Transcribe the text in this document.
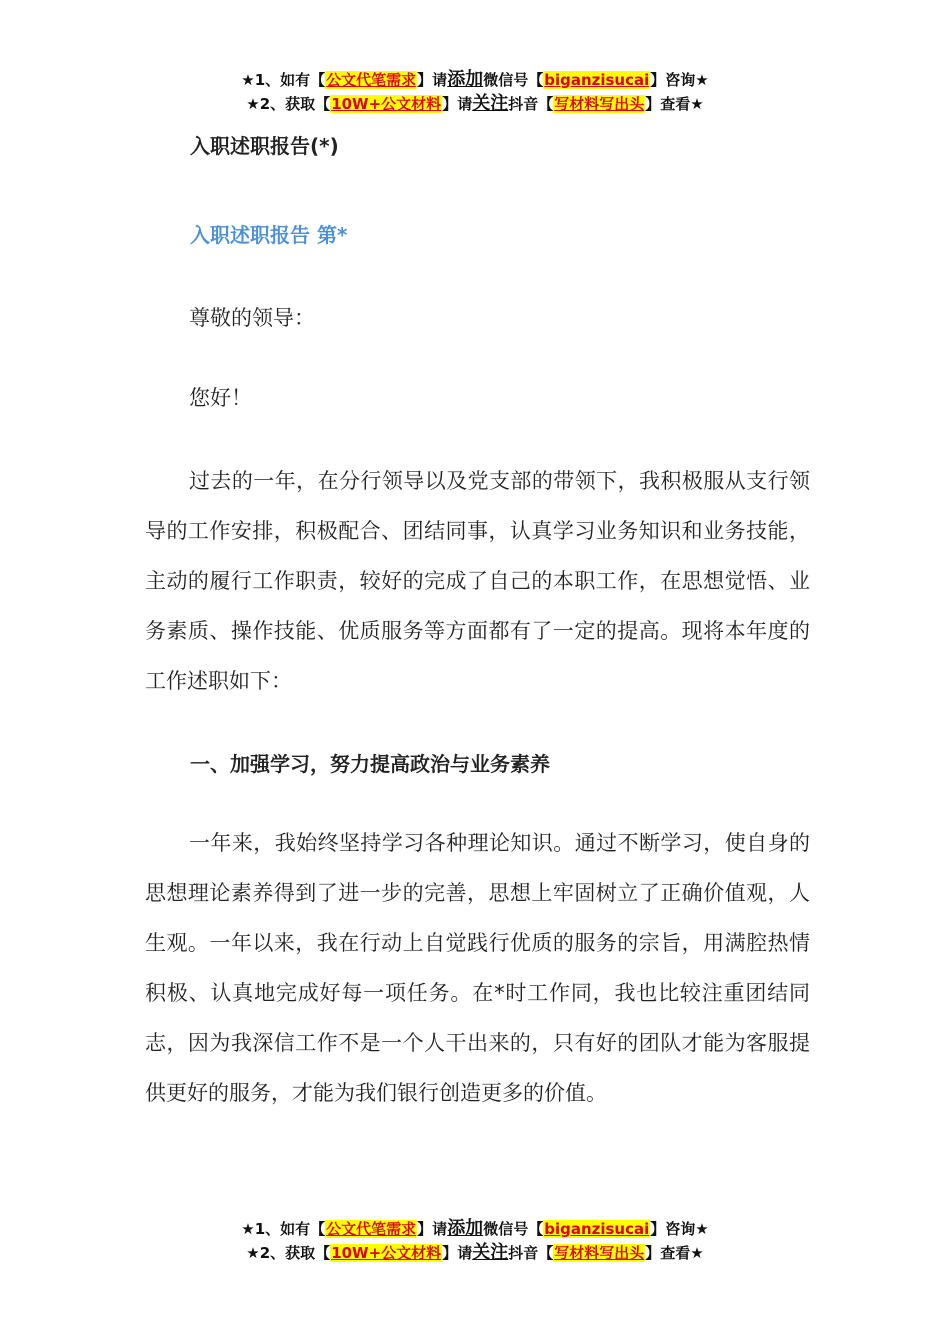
★1、如有【公文代笔需求】请添加微信号【biganzisucai】咨询★
★2、获取【10W+公文材料】请关注抖音【写材料写出头】查看★
入职述职报告(*)
入职述职报告 第*

尊敬的领导：

您好！

过去的一年，在分行领导以及党支部的带领下，我积极服从支行领导的工作安排，积极配合、团结同事，认真学习业务知识和业务技能，主动的履行工作职责，较好的完成了自己的本职工作，在思想觉悟、业务素质、操作技能、优质服务等方面都有了一定的提高。现将本年度的工作述职如下：

一、加强学习，努力提高政治与业务素养

一年来，我始终坚持学习各种理论知识。通过不断学习，使自身的思想理论素养得到了进一步的完善，思想上牢固树立了正确价值观，人生观。一年以来，我在行动上自觉践行优质的服务的宗旨，用满腔热情积极、认真地完成好每一项任务。在*时工作同，我也比较注重团结同志，因为我深信工作不是一个人干出来的，只有好的团队才能为客服提供更好的服务，才能为我们银行创造更多的价值。

★1、如有【公文代笔需求】请添加微信号【biganzisucai】咨询★
★2、获取【10W+公文材料】请关注抖音【写材料写出头】查看★
